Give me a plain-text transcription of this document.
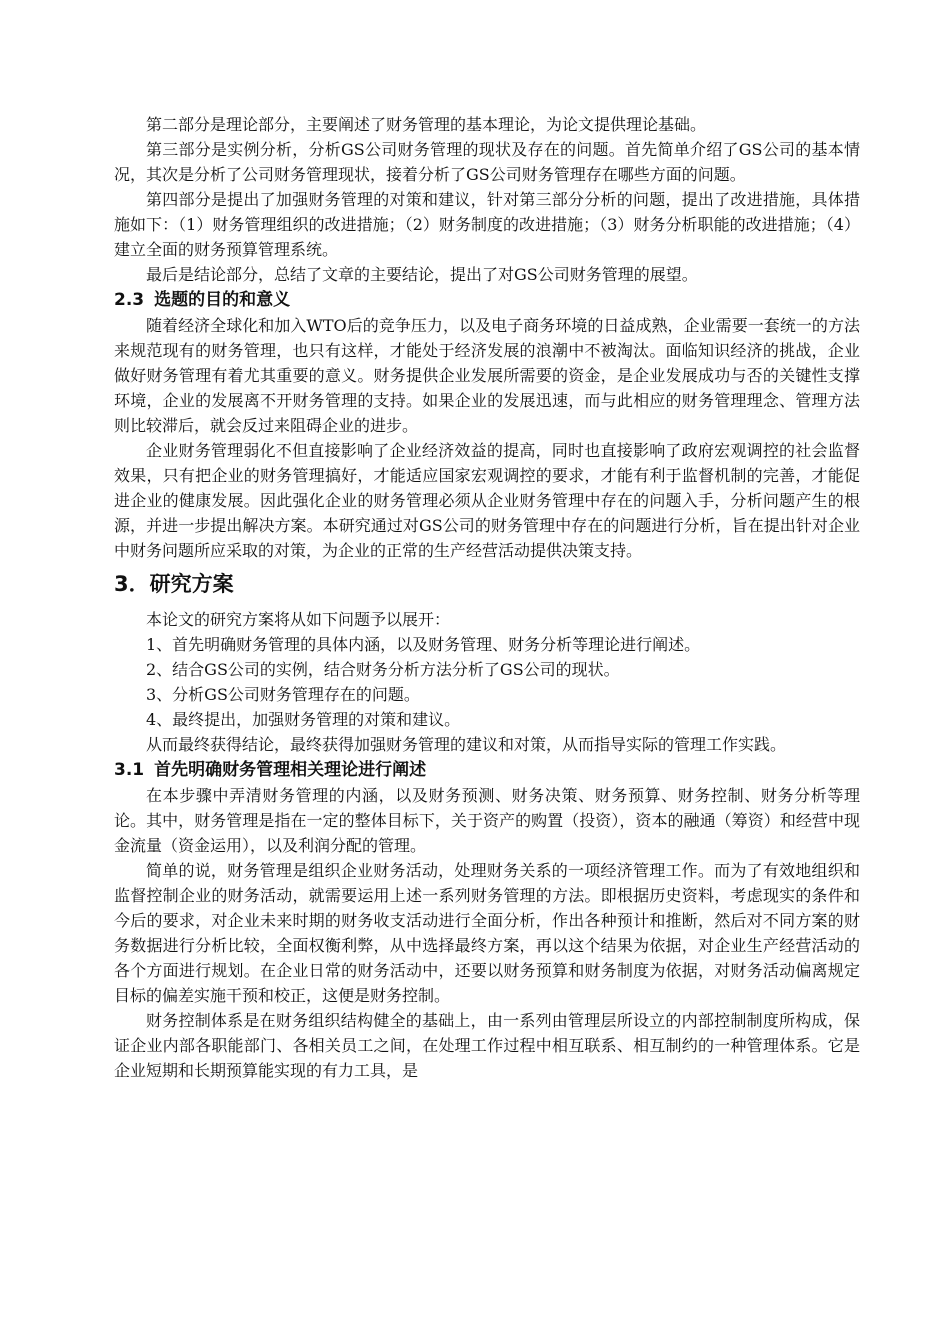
第二部分是理论部分，主要阐述了财务管理的基本理论，为论文提供理论基础。

第三部分是实例分析，分析GS公司财务管理的现状及存在的问题。首先简单介绍了GS公司的基本情况，其次是分析了公司财务管理现状，接着分析了GS公司财务管理存在哪些方面的问题。

第四部分是提出了加强财务管理的对策和建议，针对第三部分分析的问题，提出了改进措施，具体措施如下：（1）财务管理组织的改进措施；（2）财务制度的改进措施；（3）财务分析职能的改进措施；（4）建立全面的财务预算管理系统。

最后是结论部分，总结了文章的主要结论，提出了对GS公司财务管理的展望。

2.3 选题的目的和意义

随着经济全球化和加入WTO后的竞争压力，以及电子商务环境的日益成熟，企业需要一套统一的方法来规范现有的财务管理，也只有这样，才能处于经济发展的浪潮中不被淘汰。面临知识经济的挑战，企业做好财务管理有着尤其重要的意义。财务提供企业发展所需要的资金，是企业发展成功与否的关键性支撑环境，企业的发展离不开财务管理的支持。如果企业的发展迅速，而与此相应的财务管理理念、管理方法则比较滞后，就会反过来阻碍企业的进步。

企业财务管理弱化不但直接影响了企业经济效益的提高，同时也直接影响了政府宏观调控的社会监督效果，只有把企业的财务管理搞好，才能适应国家宏观调控的要求，才能有利于监督机制的完善，才能促进企业的健康发展。因此强化企业的财务管理必须从企业财务管理中存在的问题入手，分析问题产生的根源，并进一步提出解决方案。本研究通过对GS公司的财务管理中存在的问题进行分析，旨在提出针对企业中财务问题所应采取的对策，为企业的正常的生产经营活动提供决策支持。

3．研究方案

本论文的研究方案将从如下问题予以展开：

1、首先明确财务管理的具体内涵，以及财务管理、财务分析等理论进行阐述。

2、结合GS公司的实例，结合财务分析方法分析了GS公司的现状。

3、分析GS公司财务管理存在的问题。

4、最终提出，加强财务管理的对策和建议。

从而最终获得结论，最终获得加强财务管理的建议和对策，从而指导实际的管理工作实践。

3.1 首先明确财务管理相关理论进行阐述

在本步骤中弄清财务管理的内涵，以及财务预测、财务决策、财务预算、财务控制、财务分析等理论。其中，财务管理是指在一定的整体目标下，关于资产的购置（投资），资本的融通（筹资）和经营中现金流量（资金运用），以及利润分配的管理。

简单的说，财务管理是组织企业财务活动，处理财务关系的一项经济管理工作。而为了有效地组织和监督控制企业的财务活动，就需要运用上述一系列财务管理的方法。即根据历史资料，考虑现实的条件和今后的要求，对企业未来时期的财务收支活动进行全面分析，作出各种预计和推断，然后对不同方案的财务数据进行分析比较，全面权衡利弊，从中选择最终方案，再以这个结果为依据，对企业生产经营活动的各个方面进行规划。在企业日常的财务活动中，还要以财务预算和财务制度为依据，对财务活动偏离规定目标的偏差实施干预和校正，这便是财务控制。

财务控制体系是在财务组织结构健全的基础上，由一系列由管理层所设立的内部控制制度所构成，保证企业内部各职能部门、各相关员工之间，在处理工作过程中相互联系、相互制约的一种管理体系。它是企业短期和长期预算能实现的有力工具，是
